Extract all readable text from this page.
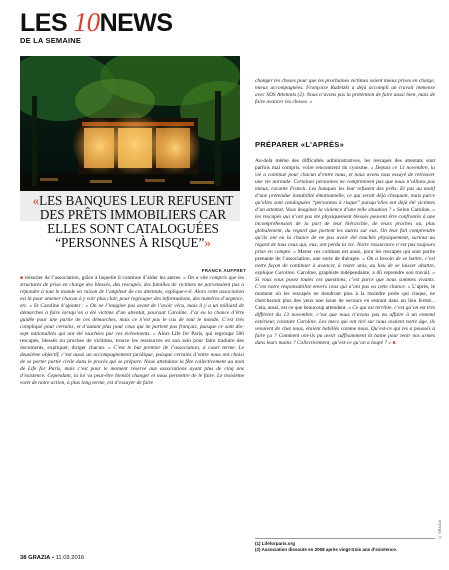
LES 10NEWS
DE LA SEMAINE
«LES BANQUES LEUR REFUSENT DES PRÊTS IMMOBILIERS CAR ELLES SONT CATALOGUÉES “PERSONNES À RISQUE”»
FRANCK AUFFRET
■ trésorier de l’association, grâce à laquelle il continue d’aider les autres. « On a vite compris que les structures de prise en charge des blessés, des rescapés, des familles de victimes ne parvenaient pas à répondre à tout le monde en raison de l’ampleur de ces attentats, explique-t-il. Alors cette association est là pour amener chacun à y voir plus clair, pour regrouper des informations, des numéros d’urgence, etc. » Et Caroline d’ajouter : « On ne l’imagine pas avant de l’avoir vécu, mais il y a un milliard de démarches à faire lorsqu’on a été victime d’un attentat, poursuit Caroline. J’ai eu la chance d’être guidée pour une partie de ces démarches, mais ce n’est pas le cas de tout le monde. C’est très compliqué pour certains, et d’autant plus pour ceux qui ne parlent pas français, puisque ce sont dix-sept nationalités qui ont été touchées par ces événements. » Alors Life for Paris, qui regroupe 506 rescapés, blessés ou proches de victimes, trouve les ressources en son sein pour faire traduire des documents, expliquer, diriger chacun. « C’est le but premier de l’association, à court terme. Le deuxième objectif, c’est aussi un accompagnement juridique, puisque certains d’entre nous ont choisi de se porter partie civile dans le procès qui se prépare. Nous attendons la fête collectivement au nom de Life for Paris, mais c’est pour le moment réservé aux associations ayant plus de cinq ans d’existence. Cependant, la loi va peut-être bientôt changer et nous permettre de le faire. Le troisième volet de notre action, à plus long terme, est d’essayer de faire
changer les choses pour que les prochaines victimes soient mieux prises en charge, mieux accompagnées. Françoise Rudetzki a déjà accompli un travail immense avec SOS Attentats (2). Nous n’avons pas la prétention de faire aussi bien, mais de faire avancer les choses. »
PRÉPARER «L’APRÈS»
Au-delà même des difficultés administratives, les rescapés des attentats sont parfois mal compris, voire rencontrent du cynisme. « Depuis ce 13 novembre, la vie a continué pour chacun d’entre nous, et nous avons tous essayé de retrouver une vie normale. Certaines personnes ne comprennent pas que nous n’allions pas mieux, raconte Franck. Les banques les leur refusent des prêts. Et pas au motif d’une prétendue instabilité émotionnelle, ce qui serait déjà choquant, mais parce qu’elles sont cataloguées “personnes à risque” puisqu’elles ont déjà été victimes d’un attentat. Vous imaginez la violence d’une telle situation ? » Selon Caroline, « les rescapés qui n’ont pas été physiquement blessés peuvent être confrontés à une incompréhension de la part de leur hiérarchie, de leurs proches ou, plus globalement, du regard que portent les autres sur eux. On leur fait comprendre qu’ils ont eu la chance de ne pas avoir été touchés physiquement, surtout au regard de tous ceux qui, eux, ont perdu la vie. Notre rassurance n’est pas toujours prise en compte. » Mener ces combats est aussi, pour les rescapés qui sont partie prenante de l’association, une sorte de thérapie. « On a besoin de se battre, c’est notre façon de continuer à avancer, à rester unis, au lieu de se laisser abattre, explique Caroline. Caroline, graphiste indépendante, a dû reprendre son travail. « Si vous vous posez toutes ces questions, c’est parce que nous sommes vivants. C’est notre responsabilité envers ceux qui n’ont pas eu cette chance. » L’après, le moment où les rescapés ne tiendront plus à la moindre porte qui claque, ne chercheront plus des yeux une issue de secours en entrant dans un lieu fermé... Cela, aussi, est ce que beaucoup attendent. « Ce qui est terrible, c’est qu’on est très différent du 13 novembre, c’est que nous n’avons pas eu affaire à un ennemi extérieur, constate Caroline. Les mecs qui ont tiré sur nous avaient notre âge, ils venaient de chez nous, étaient habillés comme nous. Qu’est-ce qui les a poussés à faire ça ? Comment ont-ils pu avoir suffisamment la haine pour tenir nos armes dans leurs mains ? Collectivement, qu’est-ce qu’on a loupé ? » ■
(1) Lifeforparis.org
(2) Association dissoute en 2008 après vingt-trois ans d’existence.
38 GRAZIA • 11.03.2016
© GRAZIA
